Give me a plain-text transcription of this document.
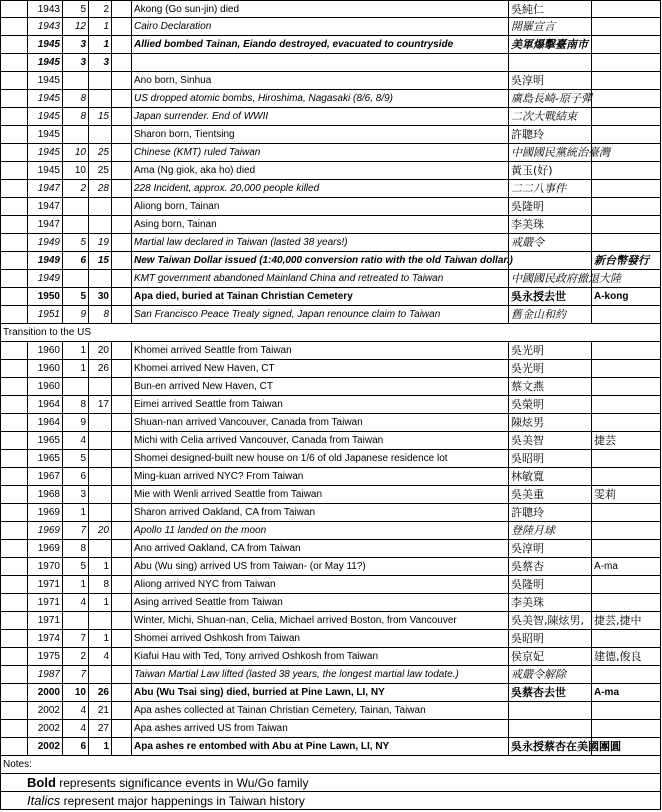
1943	5	2	Akong (Go sun-jin) died	吳純仁
1943	12	1	Cairo Declaration	開羅宣言
1945	3	1	Allied bombed Tainan, Eiando destroyed, evacuated to countryside	美軍爆擊臺南市
1945	3	3
1945	Ano born, Sinhua	吳淳明
1945	8	US dropped atomic bombs, Hiroshima, Nagasaki (8/6, 8/9)	廣島長崎-原子彈
1945	8	15	Japan surrender. End of WWII	二次大戰結束
1945	Sharon born, Tientsing	許聰玲
1945	10	25	Chinese (KMT) ruled Taiwan	中國國民黨統治臺灣
1945	10	25	Ama (Ng giok, aka ho) died	黃玉(好)
1947	2	28	228 Incident, approx. 20,000 people killed	二二八事件
1947	Aliong born, Tainan	吳隆明
1947	Asing born, Tainan	李美珠
1949	5	19	Martial law declared in Taiwan (lasted 38 years!)	戒嚴令
1949	6	15	New Taiwan Dollar issued (1:40,000 conversion ratio with the old Taiwan dollar.)	新台幣發行
1949	KMT government abandoned Mainland China and retreated to Taiwan	中國國民政府撤退大陸
1950	5	30	Apa died, buried at Tainan Christian Cemetery	吳永授去世	A-kong
1951	9	8	San Francisco Peace Treaty signed, Japan renounce claim to Taiwan	舊金山和約
Transition to the US
1960	1	20	Khomei arrived Seattle from Taiwan	吳光明
1960	1	26	Khomei arrived New Haven, CT	吳光明
1960	Bun-en arrived New Haven, CT	蔡文燕
1964	8	17	Eimei arrived Seattle from Taiwan	吳榮明
1964	9	Shuan-nan arrived Vancouver, Canada from Taiwan	陳炫男
1965	4	Michi with Celia arrived Vancouver, Canada from Taiwan	吳美智	捷芸
1965	5	Shomei designed-built new house on 1/6 of old Japanese residence lot	吳昭明
1967	6	Ming-kuan arrived NYC? From Taiwan	林敏寬
1968	3	Mie with Wenli arrived Seattle from Taiwan	吳美重	雯莉
1969	1	Sharon arrived Oakland, CA from Taiwan	許聰玲
1969	7	20	Apollo 11 landed on the moon	登陸月球
1969	8	Ano arrived Oakland, CA from Taiwan	吳淳明
1970	5	1	Abu (Wu sing) arrived US from Taiwan- (or May 11?)	吳蔡杏	A-ma
1971	1	8	Aliong arrived NYC from Taiwan	吳隆明
1971	4	1	Asing arrived Seattle from Taiwan	李美珠
1971	Winter, Michi, Shuan-nan, Celia, Michael arrived Boston, from Vancouver	吳美智,陳炫男, 捷芸,捷中
1974	7	1	Shomei arrived Oshkosh from Taiwan	吳昭明
1975	2	4	Kiafui Hau with Ted, Tony arrived Oshkosh from Taiwan	侯京妃	建德,俊良
1987	7	Taiwan Martial Law lifted (lasted 38 years, the longest martial law todate.)	戒嚴令解除
2000	10	26	Abu (Wu Tsai sing) died, burried at Pine Lawn, LI, NY	吳蔡杏去世	A-ma
2002	4	21	Apa ashes collected at Tainan Christian Cemetery, Tainan, Taiwan
2002	4	27	Apa ashes arrived US from Taiwan
2002	6	1	Apa ashes re entombed with Abu at Pine Lawn, LI, NY	吳永授蔡杏在美國團圓
Notes:
Bold represents significance events in Wu/Go family
Italics represent major happenings in Taiwan history
